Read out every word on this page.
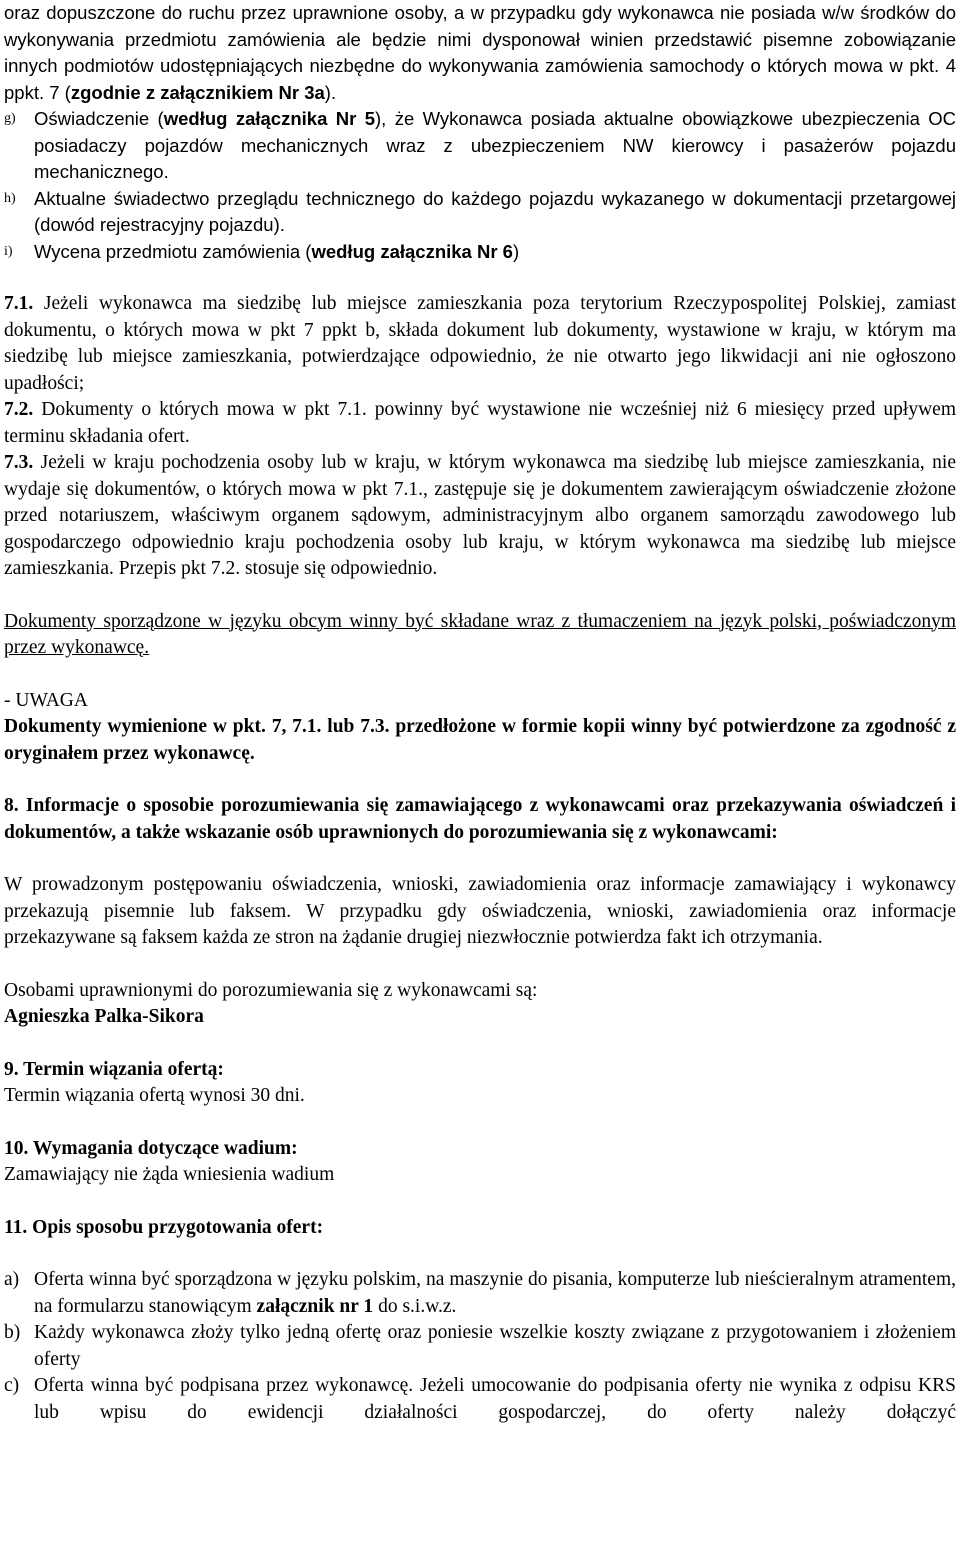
oraz dopuszczone do ruchu przez uprawnione osoby, a w przypadku gdy wykonawca nie posiada w/w środków do wykonywania przedmiotu zamówienia ale będzie nimi dysponował winien przedstawić pisemne zobowiązanie innych podmiotów udostępniających niezbędne do wykonywania zamówienia samochody o których mowa w pkt. 4 ppkt. 7 (zgodnie z załącznikiem Nr 3a).

g) Oświadczenie (według załącznika Nr 5), że Wykonawca posiada aktualne obowiązkowe ubezpieczenia OC posiadaczy pojazdów mechanicznych wraz z ubezpieczeniem NW kierowcy i pasażerów pojazdu mechanicznego.
h) Aktualne świadectwo przeglądu technicznego do każdego pojazdu wykazanego w dokumentacji przetargowej (dowód rejestracyjny pojazdu).
i)	Wycena przedmiotu zamówienia (według załącznika Nr 6)

7.1. Jeżeli wykonawca ma siedzibę lub miejsce zamieszkania poza terytorium Rzeczypospolitej Polskiej, zamiast dokumentu, o których mowa w pkt 7 ppkt b, składa dokument lub dokumenty, wystawione w kraju, w którym ma siedzibę lub miejsce zamieszkania, potwierdzające odpowiednio, że nie otwarto jego likwidacji ani nie ogłoszono upadłości;

7.2. Dokumenty o których mowa w pkt 7.1. powinny być wystawione nie wcześniej niż 6 miesięcy przed upływem terminu składania ofert.

7.3. Jeżeli w kraju pochodzenia osoby lub w kraju, w którym wykonawca ma siedzibę lub miejsce zamieszkania, nie wydaje się dokumentów, o których mowa w pkt 7.1., zastępuje się je dokumentem zawierającym oświadczenie złożone przed notariuszem, właściwym organem sądowym, administracyjnym albo organem samorządu zawodowego lub gospodarczego odpowiednio kraju pochodzenia osoby lub kraju, w którym wykonawca ma siedzibę lub miejsce zamieszkania. Przepis pkt 7.2. stosuje się odpowiednio.

Dokumenty sporządzone w języku obcym winny być składane wraz z tłumaczeniem na język polski, poświadczonym przez wykonawcę.

- UWAGA

Dokumenty wymienione w pkt. 7, 7.1. lub 7.3. przedłożone w formie kopii winny być potwierdzone za zgodność z oryginałem przez wykonawcę.

8. Informacje o sposobie porozumiewania się zamawiającego z wykonawcami oraz przekazywania oświadczeń i dokumentów, a także wskazanie osób uprawnionych do porozumiewania się z wykonawcami:

W prowadzonym postępowaniu oświadczenia, wnioski, zawiadomienia oraz informacje zamawiający i wykonawcy przekazują pisemnie lub faksem. W przypadku gdy oświadczenia, wnioski, zawiadomienia oraz informacje przekazywane są faksem każda ze stron na żądanie drugiej niezwłocznie potwierdza fakt ich otrzymania.

Osobami uprawnionymi do porozumiewania się z wykonawcami są:

Agnieszka Palka-Sikora

9. Termin wiązania ofertą:

Termin wiązania ofertą wynosi 30 dni.

10. Wymagania dotyczące wadium:

Zamawiający nie żąda wniesienia wadium

11. Opis sposobu przygotowania ofert:

a) Oferta winna być sporządzona w języku polskim, na maszynie do pisania, komputerze lub nieścieralnym atramentem, na formularzu stanowiącym załącznik nr 1 do s.i.w.z.
b) Każdy wykonawca złoży tylko jedną ofertę oraz poniesie wszelkie koszty związane z przygotowaniem i złożeniem oferty
c) Oferta winna być podpisana przez wykonawcę. Jeżeli umocowanie do podpisania oferty nie wynika z odpisu KRS lub wpisu do ewidencji działalności gospodarczej, do oferty należy dołączyć
